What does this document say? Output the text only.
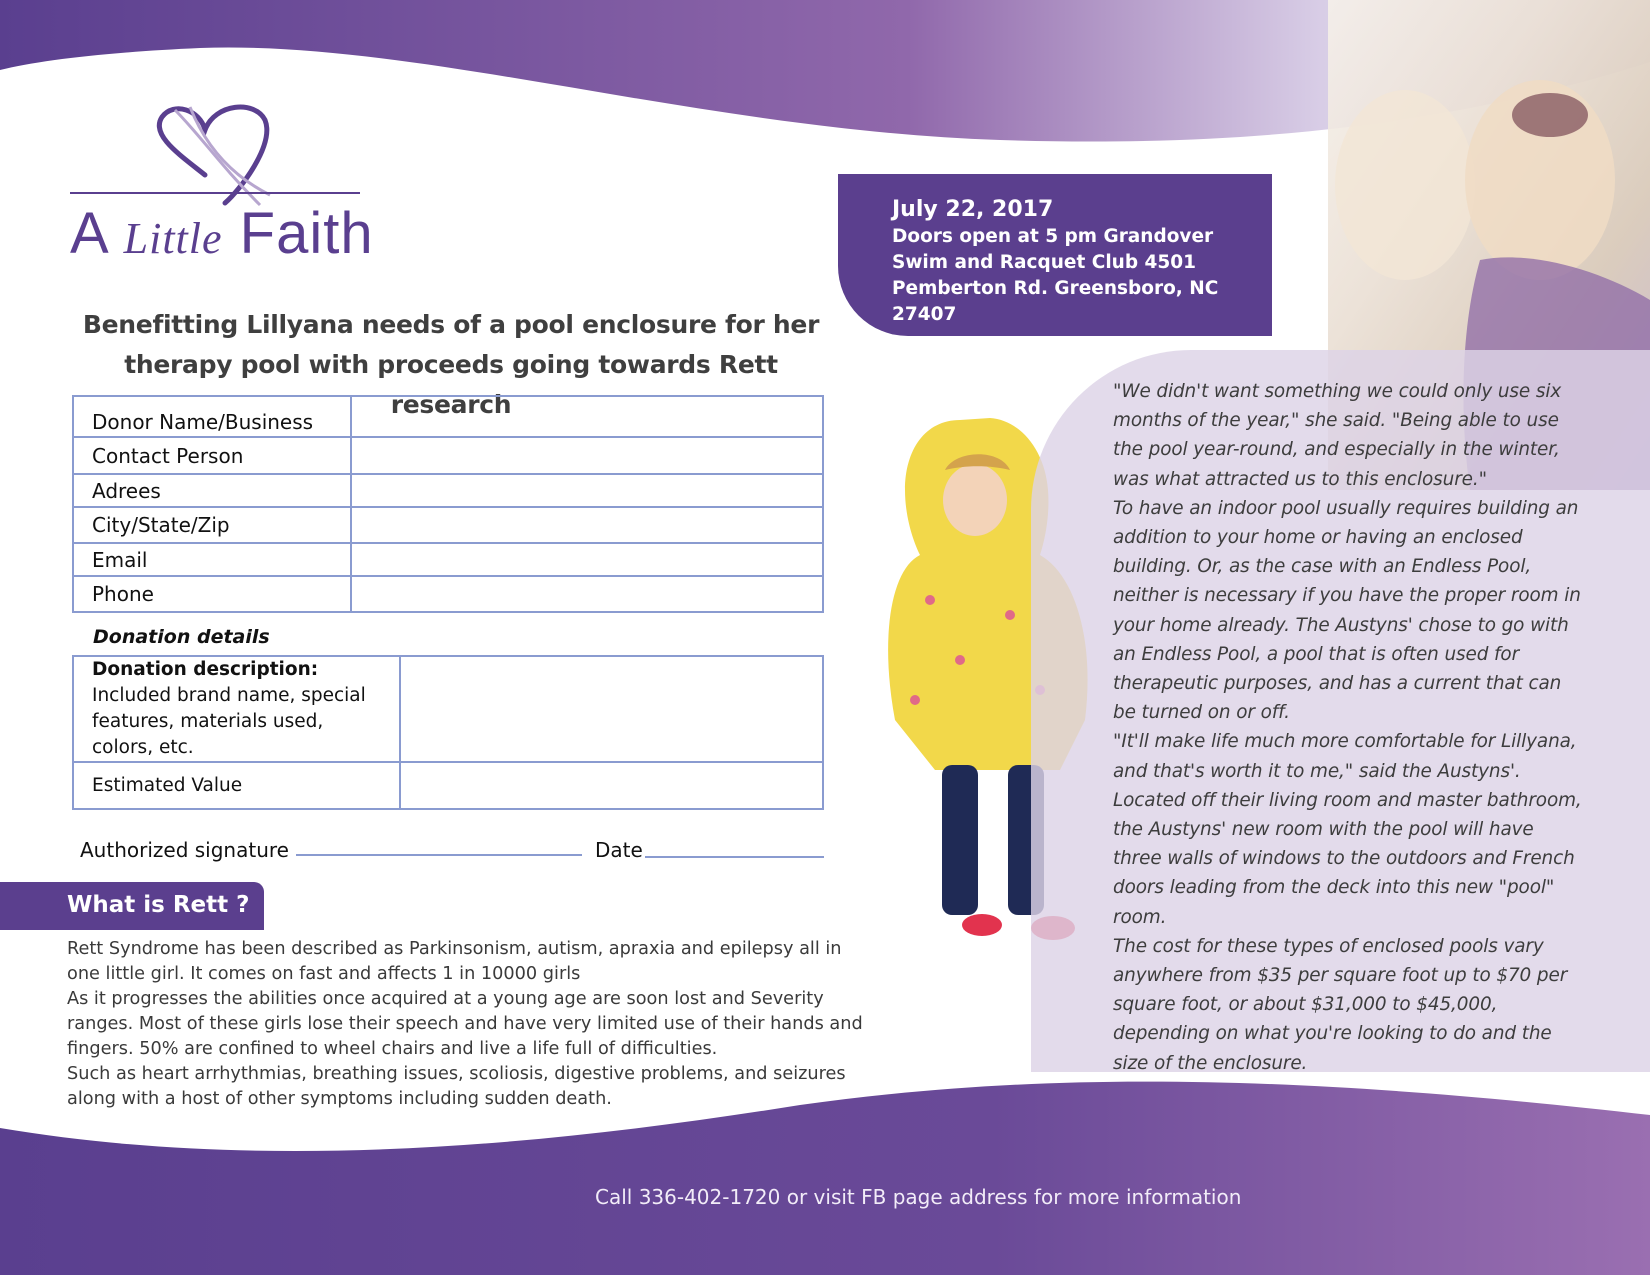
A Little Faith
Benefitting Lillyana needs of a pool enclosure for her therapy pool with proceeds going towards Rett research
July 22, 2017
Doors open at 5 pm Grandover Swim and Racquet Club 4501 Pemberton Rd. Greensboro, NC 27407
Donor Name/Business	
Contact Person	
Adrees	
City/State/Zip	
Email	
Phone	
Donation details
Donation description: Included brand name, special features, materials used, colors, etc.	
Estimated Value	
Authorized signature	Date
What is Rett ?

Rett Syndrome has been described as Parkinsonism, autism, apraxia and epilepsy all in one little girl. It comes on fast and affects 1 in 10000 girls

As it progresses the abilities once acquired at a young age are soon lost and Severity ranges. Most of these girls lose their speech and have very limited use of their hands and fingers. 50% are confined to wheel chairs and live a life full of difficulties.

Such as heart arrhythmias, breathing issues, scoliosis, digestive problems, and seizures along with a host of other symptoms including sudden death.

"We didn't want something we could only use six months of the year," she said. "Being able to use the pool year-round, and especially in the winter, was what attracted us to this enclosure."

To have an indoor pool usually requires building an addition to your home or having an enclosed building. Or, as the case with an Endless Pool, neither is necessary if you have the proper room in your home already. The Austyns' chose to go with an Endless Pool, a pool that is often used for therapeutic purposes, and has a current that can be turned on or off.

"It'll make life much more comfortable for Lillyana, and that's worth it to me," said the Austyns'.

Located off their living room and master bathroom, the Austyns' new room with the pool will have three walls of windows to the outdoors and French doors leading from the deck into this new "pool" room.

The cost for these types of enclosed pools vary anywhere from $35 per square foot up to $70 per square foot, or about $31,000 to $45,000, depending on what you're looking to do and the size of the enclosure.

Call 336-402-1720 or visit FB page address for more information
